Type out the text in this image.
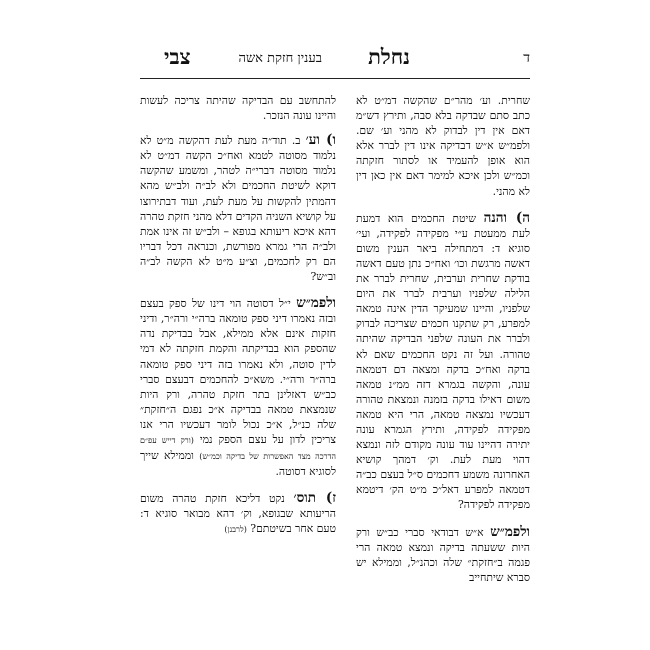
ד
נחלת
בענין חזקת אשה
צבי

שחרית. וע׳ מהר״ם שהקשה דמ״ט לא כתב סתם שבדקה בלא סבה, ותירץ דש״מ דאם אין דין לבדוק לא מהני וע׳ שם. ולפמ״ש א״ש דבדיקה אינו דין לברר אלא הוא אופן להעמיד או לסתור חזקתה וכמ״ש ולכן איכא למימר דאם אין כאן דין לא מהני.

ה) והנה שיטת החכמים הוא דמעת לעת ממעטת ע״י מפקידה לפקידה, ועי׳ סוגיא ד: דמתחילה ביאר הענין משום דאשה מרגשת וכו׳ ואח״כ נתן טעם דאשה בודקת שחרית וערבית, שחרית לברר את הלילה שלפניו וערבית לברר את היום שלפניו, והיינו שמעיקר הדין אינה טמאה למפרע, רק שתקנו חכמים שצריכה לבדוק ולברר את העונה שלפני הבדיקה שהיתה טהורה. ועל זה נקט החכמים שאם לא בדקה ואח״כ בדקה ומצאה דם דטמאה עונה, והקשה בגמרא דזה ממ״נ טמאה משום דאילו בדקה בזמנה ונמצאת טהורה דעכשיו נמצאה טמאה, הרי היא טמאה מפקידה לפקידה, ותירץ הגמרא עונה יתירה דהיינו עוד עונה מקודם לזה ונמצא דהוי מעת לעת. וק׳ דמהך קושיא האחרונה משמע דחכמים ס״ל בעצם כב״ה דטמאה למפרע דאל״כ מ״ט הק׳ דיטמא מפקידה לפקידה?

ולפמ״ש א״ש דבודאי סברי כב״ש ורק היות ששעתה בדיקה ונמצא טמאה הרי פגמה ב״חזקת״ שלה וכהנ״ל, וממילא יש סברא שיתחייב

להתחשב עם הבדיקה שהיתה צריכה לעשות והיינו עונה הנזכר.

ו) וע׳ ב. תוד״ה מעת לעת דהקשה מ״ט לא נלמוד מסוטה לטמא ואח״כ הקשה דמ״ט לא נלמוד מסוטה דברי״ה לטהר, ומשמע שהקשה דוקא לשיטת החכמים ולא לב״ה ולב״ש מהא דהמתין להקשות על מעת לעת, ועוד דבתירוצו על קושיא השניה הקדים דלא מהני חזקת טהרה דהא איכא ריעותא בגופא – ולב״ש זה אינו אמת ולב״ה הרי גמרא מפורשת, וכנראה דכל דבריו הם רק לחכמים, וצ״ע מ״ט לא הקשה לב״ה וב״ש?

ולפמ״ש י״ל דסוטה הוי דינו של ספק בעצם ובזה נאמרו דיני ספק טומאה ברה״י ורה״ר, ודיני חזקות אינם אלא ממילא, אבל בבדיקת נדה שהספק הוא בבדיקתה והקמת חזקתה לא דמי לדין סוטה, ולא נאמרו בזה דיני ספק טומאה ברה״ר ורה״י. משא״כ להחכמים דבעצם סברי כב״ש דאזלינן בתר חזקת טהרה, ורק היות שנמצאת טמאה בבדיקה א״כ נפגם ה״חזקת״ שלה כנ״ל, א״כ נכול לומר דעכשיו הרי אנו צריכין לדון על עצם הספק נמי (ורק דייש עפ״ם הדרכה מצד האפשרות של בדיקה וכמ״ש) וממילא שייך לסוגיא דסוטה.

ז) תוס׳ נקט דליכא חזקת טהרה משום הריעותא שבגופא, וק׳ דהא מבואר סוגיא ד: טעם אחר בשיטתם? (לרבנן)
